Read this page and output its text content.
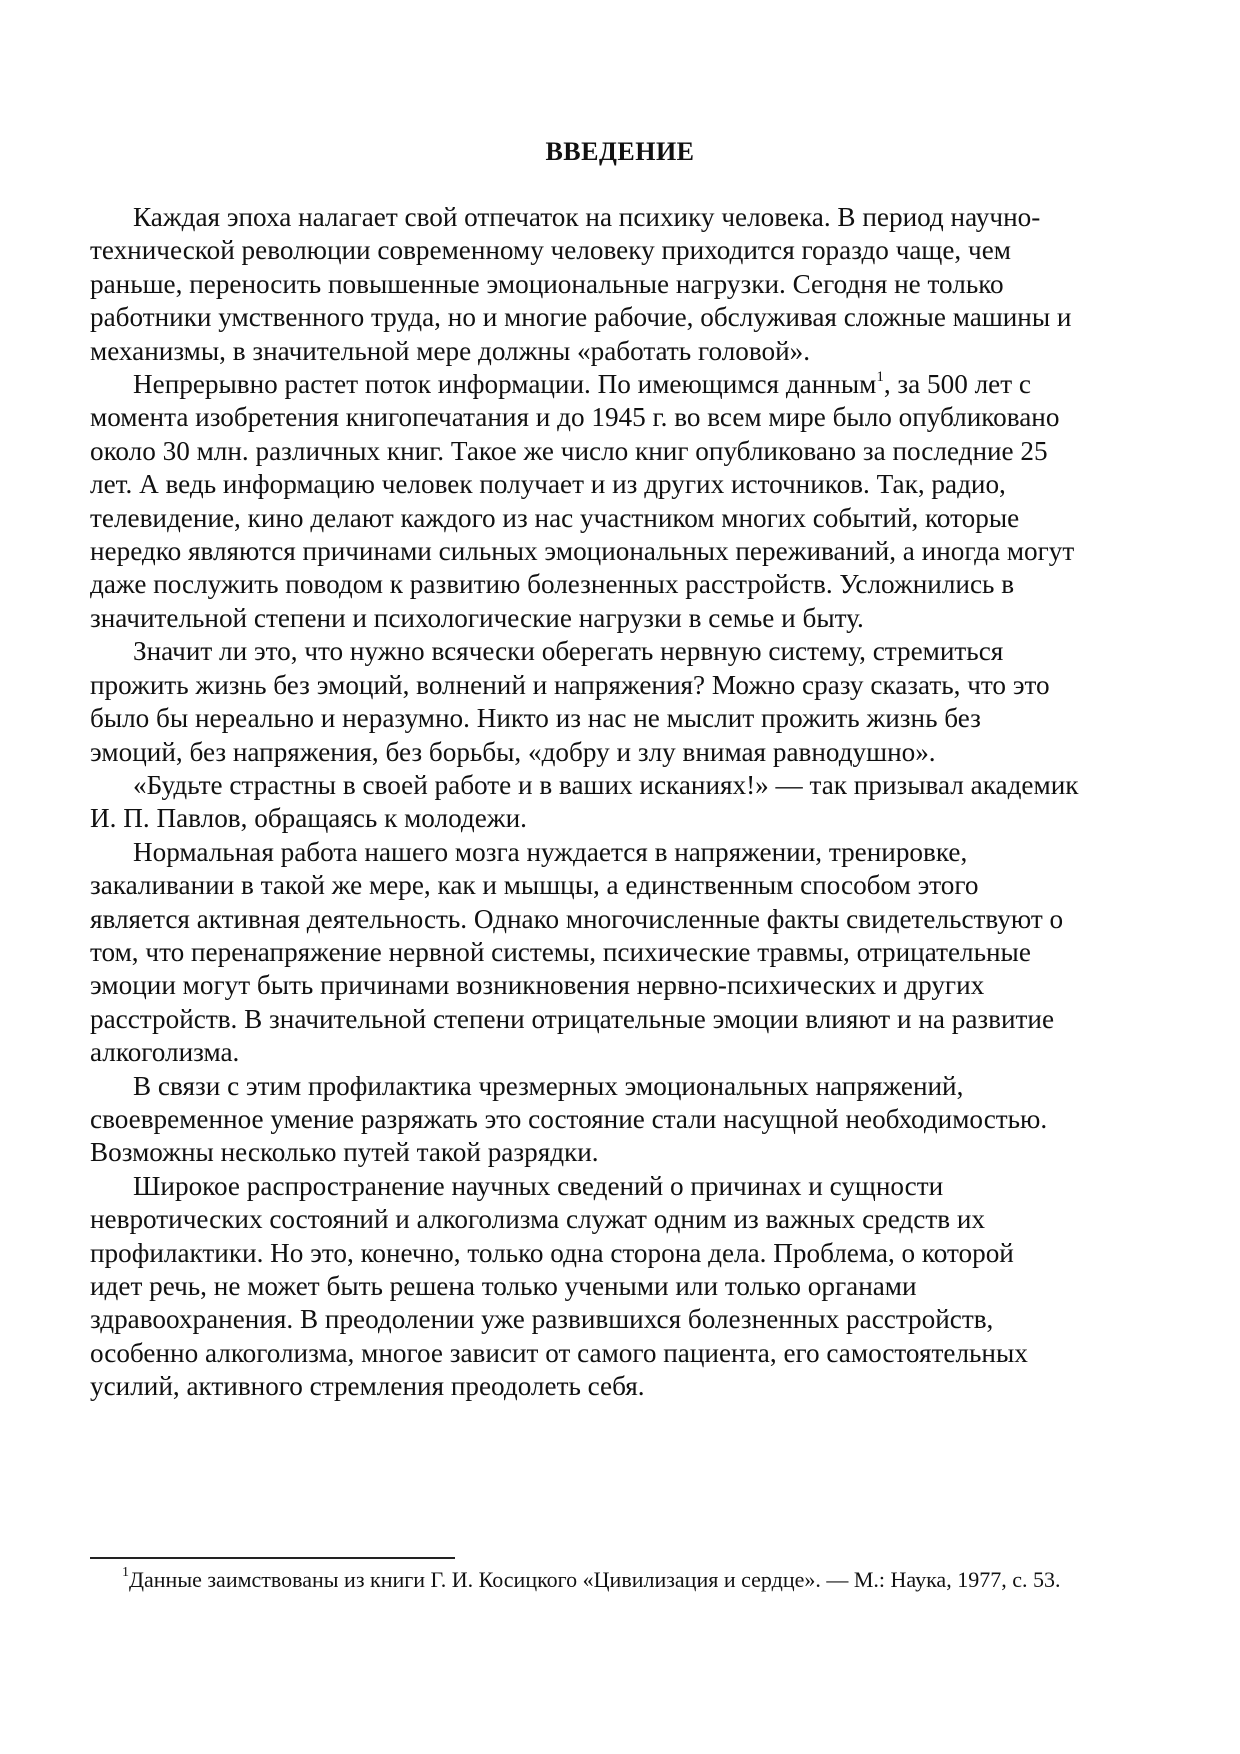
ВВЕДЕНИЕ

Каждая эпоха налагает свой отпечаток на психику человека. В период научно-
технической революции современному человеку приходится гораздо чаще, чем
раньше, переносить повышенные эмоциональные нагрузки. Сегодня не только
работники умственного труда, но и многие рабочие, обслуживая сложные машины и
механизмы, в значительной мере должны «работать головой».

Непрерывно растет поток информации. По имеющимся данным$^1$, за 500 лет с
момента изобретения книгопечатания и до 1945 г. во всем мире было опубликовано
около 30 млн. различных книг. Такое же число книг опубликовано за последние 25
лет. А ведь информацию человек получает и из других источников. Так, радио,
телевидение, кино делают каждого из нас участником многих событий, которые
нередко являются причинами сильных эмоциональных переживаний, а иногда могут
даже послужить поводом к развитию болезненных расстройств. Усложнились в
значительной степени и психологические нагрузки в семье и быту.

Значит ли это, что нужно всячески оберегать нервную систему, стремиться
прожить жизнь без эмоций, волнений и напряжения? Можно сразу сказать, что это
было бы нереально и неразумно. Никто из нас не мыслит прожить жизнь без
эмоций, без напряжения, без борьбы, «добру и злу внимая равнодушно».

«Будьте страстны в своей работе и в ваших исканиях!» — так призывал академик
И. П. Павлов, обращаясь к молодежи.

Нормальная работа нашего мозга нуждается в напряжении, тренировке,
закаливании в такой же мере, как и мышцы, а единственным способом этого
является активная деятельность. Однако многочисленные факты свидетельствуют о
том, что перенапряжение нервной системы, психические травмы, отрицательные
эмоции могут быть причинами возникновения нервно-психических и других
расстройств. В значительной степени отрицательные эмоции влияют и на развитие
алкоголизма.

В связи с этим профилактика чрезмерных эмоциональных напряжений,
своевременное умение разряжать это состояние стали насущной необходимостью.
Возможны несколько путей такой разрядки.

Широкое распространение научных сведений о причинах и сущности
невротических состояний и алкоголизма служат одним из важных средств их
профилактики. Но это, конечно, только одна сторона дела. Проблема, о которой
идет речь, не может быть решена только учеными или только органами
здравоохранения. В преодолении уже развившихся болезненных расстройств,
особенно алкоголизма, многое зависит от самого пациента, его самостоятельных
усилий, активного стремления преодолеть себя.

$^1$Данные заимствованы из книги Г. И. Косицкого «Цивилизация и сердце». — М.: Наука, 1977, с. 53.
